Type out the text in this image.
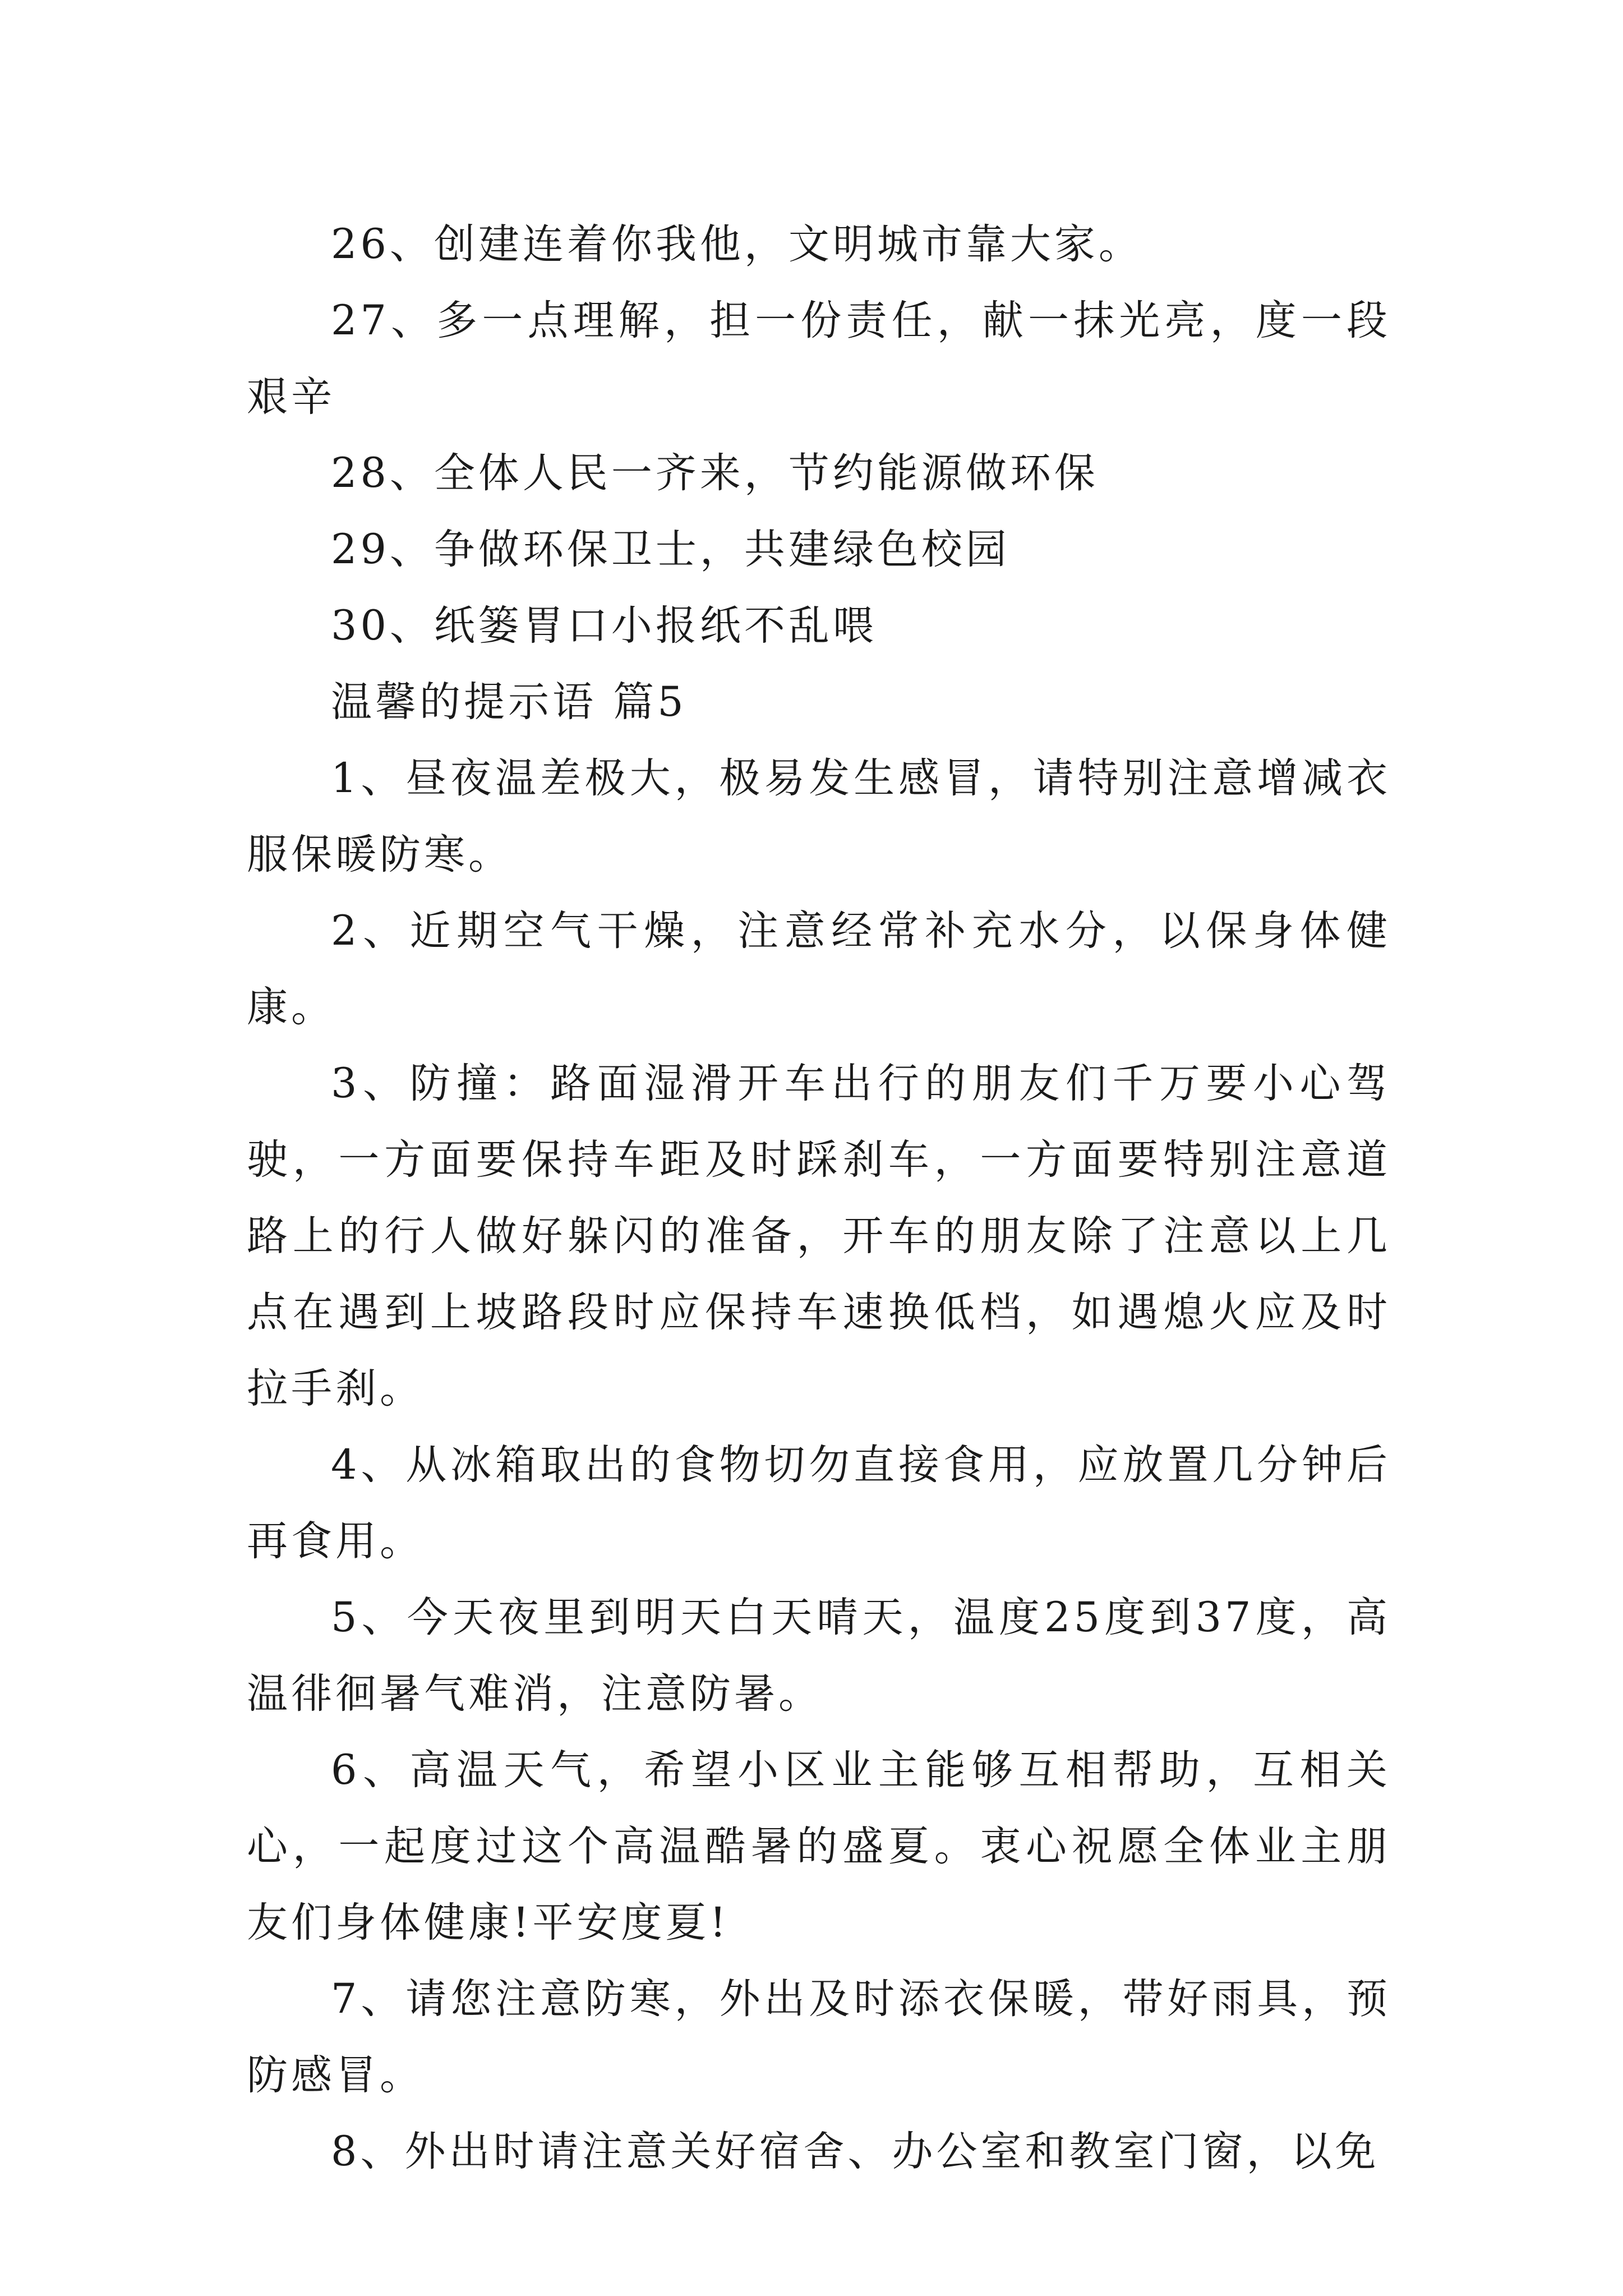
26、创建连着你我他，文明城市靠大家。

27、多一点理解，担一份责任，献一抹光亮，度一段艰辛

28、全体人民一齐来，节约能源做环保

29、争做环保卫士，共建绿色校园

30、纸篓胃口小报纸不乱喂

温馨的提示语 篇5

1、昼夜温差极大，极易发生感冒，请特别注意增减衣服保暖防寒。

2、近期空气干燥，注意经常补充水分，以保身体健康。

3、防撞：路面湿滑开车出行的朋友们千万要小心驾驶，一方面要保持车距及时踩刹车，一方面要特别注意道路上的行人做好躲闪的准备，开车的朋友除了注意以上几点在遇到上坡路段时应保持车速换低档，如遇熄火应及时拉手刹。

4、从冰箱取出的食物切勿直接食用，应放置几分钟后再食用。

5、今天夜里到明天白天晴天，温度25度到37度，高温徘徊暑气难消，注意防暑。

6、高温天气，希望小区业主能够互相帮助，互相关心，一起度过这个高温酷暑的盛夏。衷心祝愿全体业主朋友们身体健康!平安度夏!

7、请您注意防寒，外出及时添衣保暖，带好雨具，预防感冒。

8、外出时请注意关好宿舍、办公室和教室门窗，以免
